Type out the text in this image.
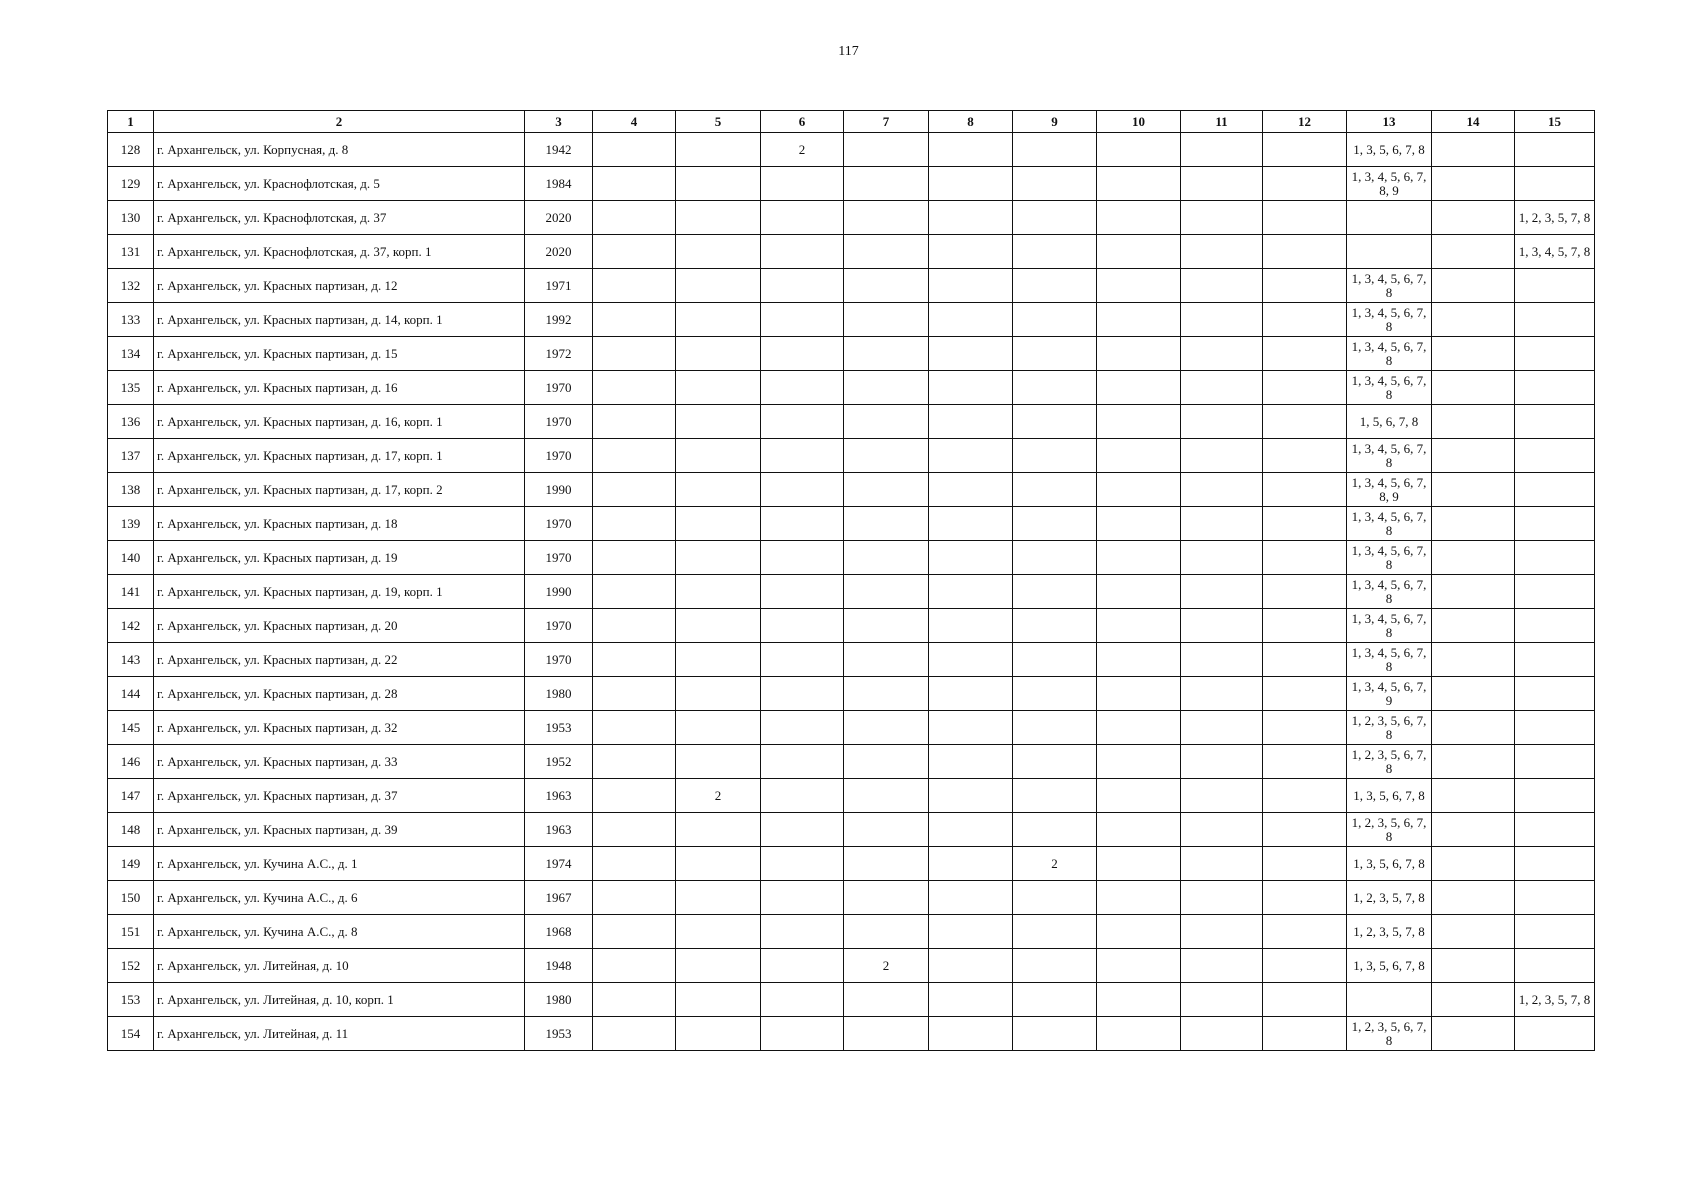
117
1	2	3	4	5	6	7	8	9	10	11	12	13	14	15
128	г. Архангельск, ул. Корпусная, д. 8	1942			2							1, 3, 5, 6, 7, 8		
129	г. Архангельск, ул. Краснофлотская, д. 5	1984										1, 3, 4, 5, 6, 7, 8, 9		
130	г. Архангельск, ул. Краснофлотская, д. 37	2020												1, 2, 3, 5, 7, 8
131	г. Архангельск, ул. Краснофлотская, д. 37, корп. 1	2020												1, 3, 4, 5, 7, 8
132	г. Архангельск, ул. Красных партизан, д. 12	1971										1, 3, 4, 5, 6, 7, 8		
133	г. Архангельск, ул. Красных партизан, д. 14, корп. 1	1992										1, 3, 4, 5, 6, 7, 8		
134	г. Архангельск, ул. Красных партизан, д. 15	1972										1, 3, 4, 5, 6, 7, 8		
135	г. Архангельск, ул. Красных партизан, д. 16	1970										1, 3, 4, 5, 6, 7, 8		
136	г. Архангельск, ул. Красных партизан, д. 16, корп. 1	1970										1, 5, 6, 7, 8		
137	г. Архангельск, ул. Красных партизан, д. 17, корп. 1	1970										1, 3, 4, 5, 6, 7, 8		
138	г. Архангельск, ул. Красных партизан, д. 17, корп. 2	1990										1, 3, 4, 5, 6, 7, 8, 9		
139	г. Архангельск, ул. Красных партизан, д. 18	1970										1, 3, 4, 5, 6, 7, 8		
140	г. Архангельск, ул. Красных партизан, д. 19	1970										1, 3, 4, 5, 6, 7, 8		
141	г. Архангельск, ул. Красных партизан, д. 19, корп. 1	1990										1, 3, 4, 5, 6, 7, 8		
142	г. Архангельск, ул. Красных партизан, д. 20	1970										1, 3, 4, 5, 6, 7, 8		
143	г. Архангельск, ул. Красных партизан, д. 22	1970										1, 3, 4, 5, 6, 7, 8		
144	г. Архангельск, ул. Красных партизан, д. 28	1980										1, 3, 4, 5, 6, 7, 9		
145	г. Архангельск, ул. Красных партизан, д. 32	1953										1, 2, 3, 5, 6, 7, 8		
146	г. Архангельск, ул. Красных партизан, д. 33	1952										1, 2, 3, 5, 6, 7, 8		
147	г. Архангельск, ул. Красных партизан, д. 37	1963		2								1, 3, 5, 6, 7, 8		
148	г. Архангельск, ул. Красных партизан, д. 39	1963										1, 2, 3, 5, 6, 7, 8		
149	г. Архангельск, ул. Кучина А.С., д. 1	1974						2				1, 3, 5, 6, 7, 8		
150	г. Архангельск, ул. Кучина А.С., д. 6	1967										1, 2, 3, 5, 7, 8		
151	г. Архангельск, ул. Кучина А.С., д. 8	1968										1, 2, 3, 5, 7, 8		
152	г. Архангельск, ул. Литейная, д. 10	1948				2						1, 3, 5, 6, 7, 8		
153	г. Архангельск, ул. Литейная, д. 10, корп. 1	1980												1, 2, 3, 5, 7, 8
154	г. Архангельск, ул. Литейная, д. 11	1953										1, 2, 3, 5, 6, 7, 8		
